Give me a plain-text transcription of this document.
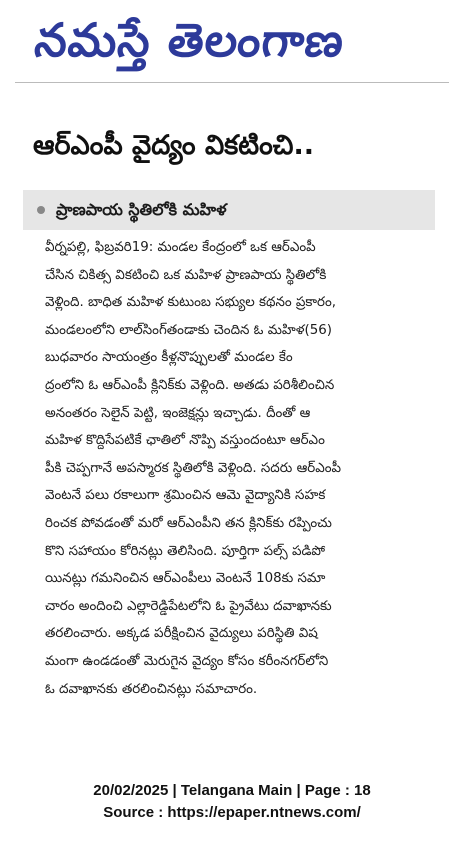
నమస్తే తెలంగాణ
ఆర్ఎంపీ వైద్యం వికటించి..
ప్రాణపాయ స్థితిలోకి మహిళ
వీర్నపల్లి, ఫిబ్రవరి19: మండల కేంద్రంలో ఒక ఆర్ఎంపీ
చేసిన చికిత్స వికటించి ఒక మహిళ ప్రాణపాయ స్థితిలోకి
వెళ్లింది. బాధిత మహిళ కుటుంబ సభ్యుల కథనం ప్రకారం,
మండలంలోని లాల్‌సింగ్‌తండాకు చెందిన ఓ మహిళ(56)
బుధవారం సాయంత్రం కీళ్లనొప్పులతో మండల కేం
ద్రంలోని ఓ ఆర్ఎంపీ క్లినిక్‌కు వెళ్లింది. అతడు పరిశీలించిన
అనంతరం సెలైన్ పెట్టి, ఇంజెక్షన్లు ఇచ్చాడు. దీంతో ఆ
మహిళ కొద్దిసేపటికే ఛాతిలో నొప్పి వస్తుందంటూ ఆర్ఎం
పీకి చెప్పగానే అపస్మారక స్థితిలోకి వెళ్లింది. సదరు ఆర్ఎంపీ
వెంటనే పలు రకాలుగా శ్రమించిన ఆమె వైద్యానికి సహక
రించక పోవడంతో మరో ఆర్ఎంపీని తన క్లినిక్‌కు రప్పించు
కొని సహాయం కోరినట్లు తెలిసింది. పూర్తిగా పల్స్ పడిపో
యినట్లు గమనించిన ఆర్ఎంపీలు వెంటనే 108కు సమా
చారం అందించి ఎల్లారెడ్డిపేటలోని ఓ ప్రైవేటు దవాఖానకు
తరలించారు. అక్కడ పరీక్షించిన వైద్యులు పరిస్థితి విష
మంగా ఉండడంతో మెరుగైన వైద్యం కోసం కరీంనగర్‌లోని
ఓ దవాఖానకు తరలించినట్లు సమాచారం.
20/02/2025 | Telangana Main | Page : 18
Source : https://epaper.ntnews.com/
